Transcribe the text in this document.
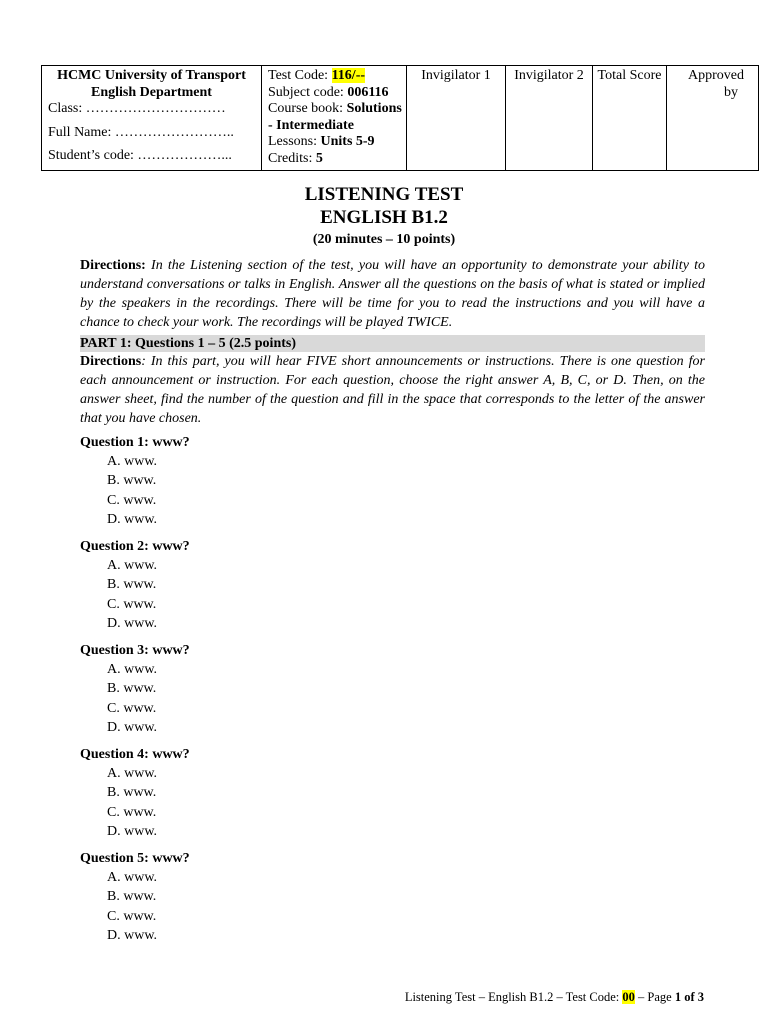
HCMC University of Transport
English Department
Class: …………………………
Full Name: ……………………..
Student’s code: ………………...

Test Code: 116/--
Subject code: 006116
Course book: Solutions
- Intermediate
Lessons: Units 5-9
Credits: 5
	Invigilator 1	Invigilator 2	Total Score	Approved
by
LISTENING TEST
ENGLISH B1.2
(20 minutes – 10 points)
Directions: In the Listening section of the test, you will have an opportunity to demonstrate your ability to understand conversations or talks in English. Answer all the questions on the basis of what is stated or implied by the speakers in the recordings. There will be time for you to read the instructions and you will have a chance to check your work. The recordings will be played TWICE.
PART 1: Questions 1 – 5 (2.5 points)
Directions: In this part, you will hear FIVE short announcements or instructions. There is one question for each announcement or instruction. For each question, choose the right answer A, B, C, or D. Then, on the answer sheet, find the number of the question and fill in the space that corresponds to the letter of the answer that you have chosen.
Question 1: www?
A. www.
B. www.
C. www.
D. www.
Question 2: www?
A. www.
B. www.
C. www.
D. www.
Question 3: www?
A. www.
B. www.
C. www.
D. www.
Question 4: www?
A. www.
B. www.
C. www.
D. www.
Question 5: www?
A. www.
B. www.
C. www.
D. www.
Listening Test – English B1.2 – Test Code: 00 – Page 1 of 3
